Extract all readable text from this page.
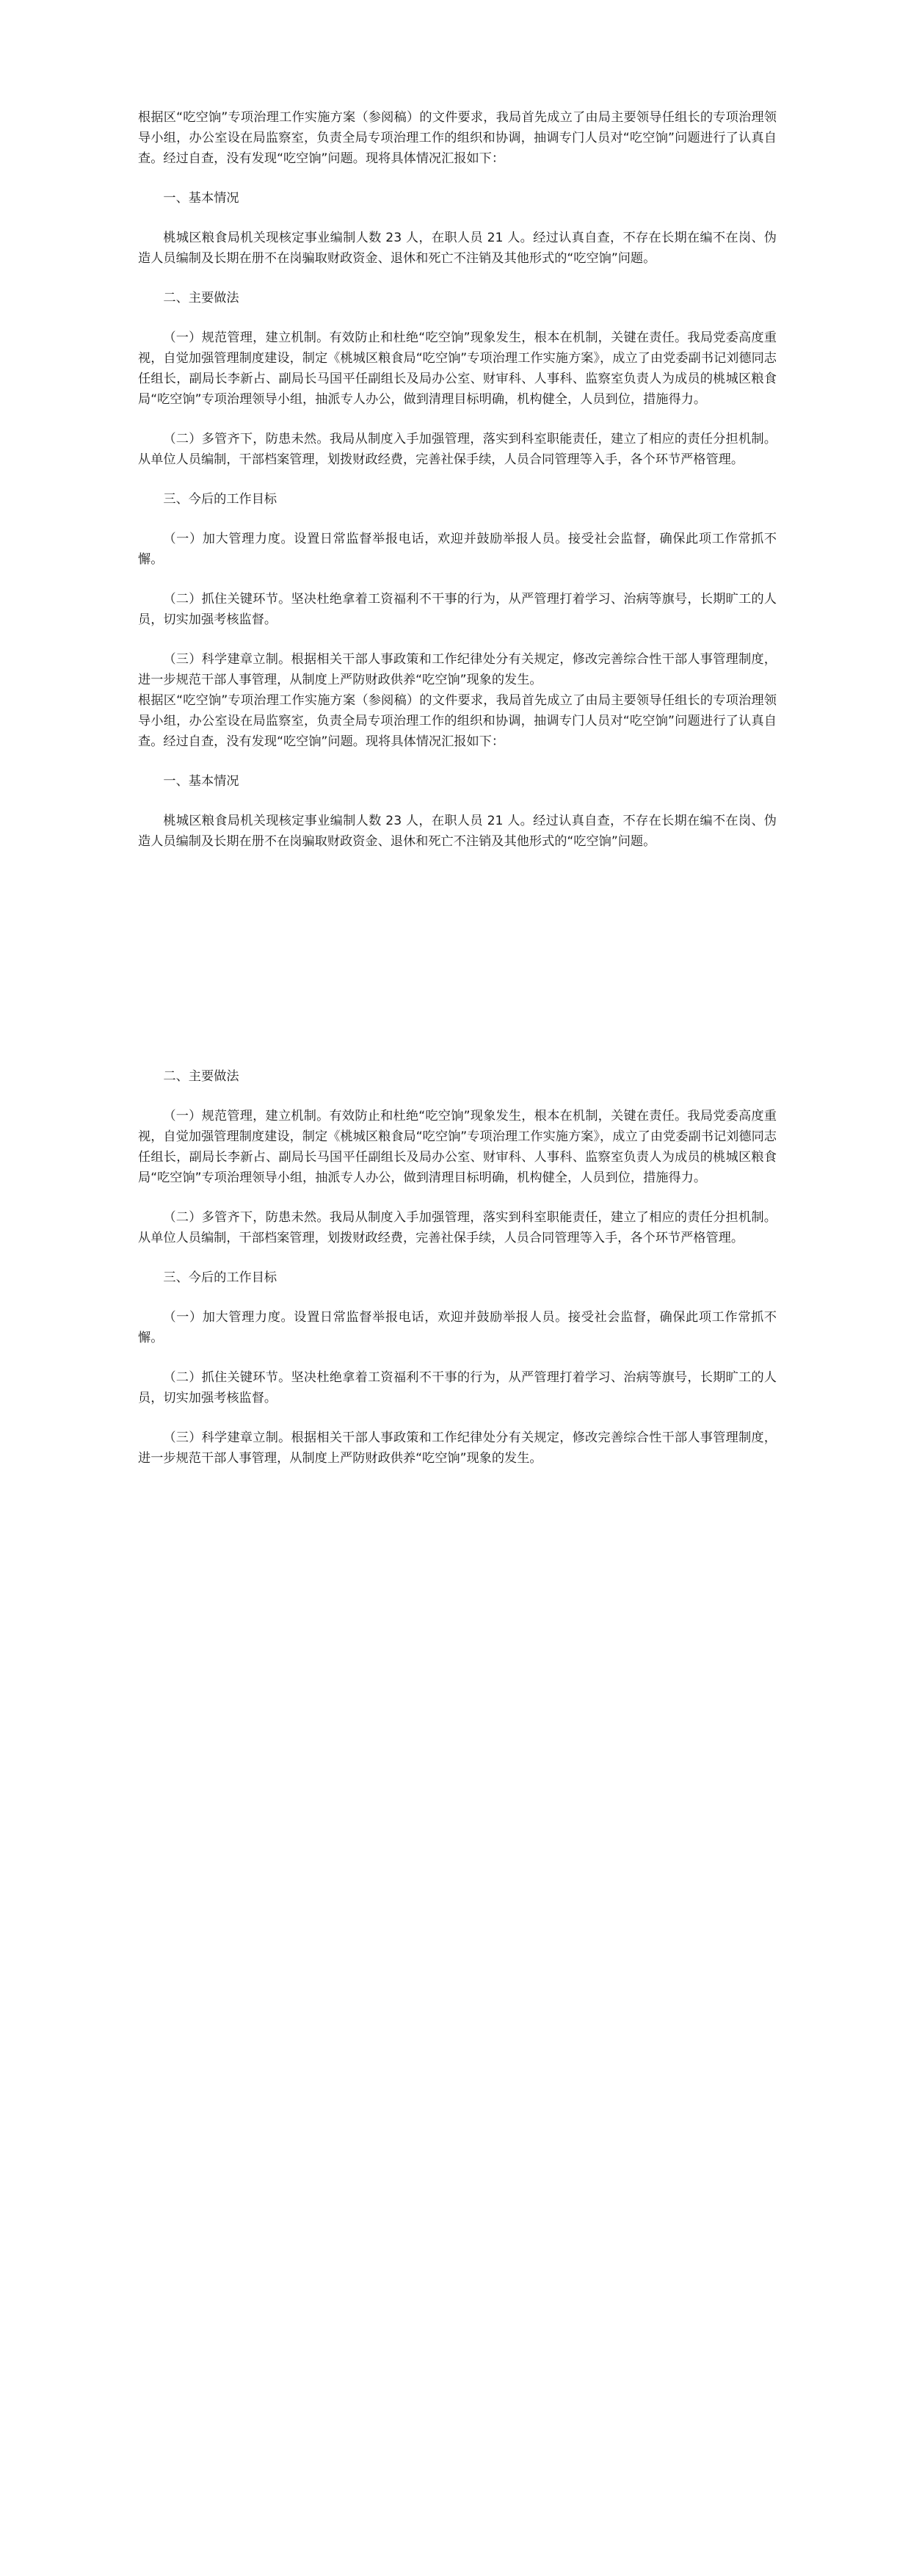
根据区“吃空饷”专项治理工作实施方案（参阅稿）的文件要求，我局首先成立了由局主要领导任组长的专项治理领导小组，办公室设在局监察室，负责全局专项治理工作的组织和协调，抽调专门人员对“吃空饷”问题进行了认真自查。经过自查，没有发现“吃空饷”问题。现将具体情况汇报如下：

一、基本情况

桃城区粮食局机关现核定事业编制人数 23 人，在职人员 21 人。经过认真自查，不存在长期在编不在岗、伪造人员编制及长期在册不在岗骗取财政资金、退休和死亡不注销及其他形式的“吃空饷”问题。

二、主要做法

（一）规范管理，建立机制。有效防止和杜绝“吃空饷”现象发生，根本在机制，关键在责任。我局党委高度重视，自觉加强管理制度建设，制定《桃城区粮食局“吃空饷”专项治理工作实施方案》，成立了由党委副书记刘德同志任组长，副局长李新占、副局长马国平任副组长及局办公室、财审科、人事科、监察室负责人为成员的桃城区粮食局“吃空饷”专项治理领导小组，抽派专人办公，做到清理目标明确，机构健全，人员到位，措施得力。

（二）多管齐下，防患未然。我局从制度入手加强管理，落实到科室职能责任，建立了相应的责任分担机制。从单位人员编制，干部档案管理，划拨财政经费，完善社保手续，人员合同管理等入手，各个环节严格管理。

三、今后的工作目标

（一）加大管理力度。设置日常监督举报电话，欢迎并鼓励举报人员。接受社会监督，确保此项工作常抓不懈。

（二）抓住关键环节。坚决杜绝拿着工资福利不干事的行为，从严管理打着学习、治病等旗号，长期旷工的人员，切实加强考核监督。

（三）科学建章立制。根据相关干部人事政策和工作纪律处分有关规定，修改完善综合性干部人事管理制度，进一步规范干部人事管理，从制度上严防财政供养“吃空饷”现象的发生。

根据区“吃空饷”专项治理工作实施方案（参阅稿）的文件要求，我局首先成立了由局主要领导任组长的专项治理领导小组，办公室设在局监察室，负责全局专项治理工作的组织和协调，抽调专门人员对“吃空饷”问题进行了认真自查。经过自查，没有发现“吃空饷”问题。现将具体情况汇报如下：

一、基本情况

桃城区粮食局机关现核定事业编制人数 23 人，在职人员 21 人。经过认真自查，不存在长期在编不在岗、伪造人员编制及长期在册不在岗骗取财政资金、退休和死亡不注销及其他形式的“吃空饷”问题。

二、主要做法

（一）规范管理，建立机制。有效防止和杜绝“吃空饷”现象发生，根本在机制，关键在责任。我局党委高度重视，自觉加强管理制度建设，制定《桃城区粮食局“吃空饷”专项治理工作实施方案》，成立了由党委副书记刘德同志任组长，副局长李新占、副局长马国平任副组长及局办公室、财审科、人事科、监察室负责人为成员的桃城区粮食局“吃空饷”专项治理领导小组，抽派专人办公，做到清理目标明确，机构健全，人员到位，措施得力。

（二）多管齐下，防患未然。我局从制度入手加强管理，落实到科室职能责任，建立了相应的责任分担机制。从单位人员编制，干部档案管理，划拨财政经费，完善社保手续，人员合同管理等入手，各个环节严格管理。

三、今后的工作目标

（一）加大管理力度。设置日常监督举报电话，欢迎并鼓励举报人员。接受社会监督，确保此项工作常抓不懈。

（二）抓住关键环节。坚决杜绝拿着工资福利不干事的行为，从严管理打着学习、治病等旗号，长期旷工的人员，切实加强考核监督。

（三）科学建章立制。根据相关干部人事政策和工作纪律处分有关规定，修改完善综合性干部人事管理制度，进一步规范干部人事管理，从制度上严防财政供养“吃空饷”现象的发生。
